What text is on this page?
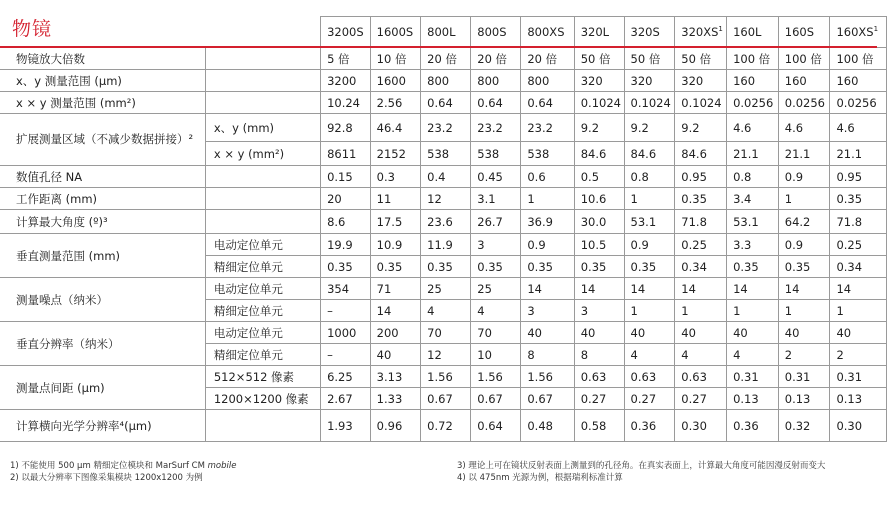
物镜
			3200S	1600S	800L	800S	800XS	320L	320S	$320XS^1$	160L	160S	$160XS^1$
物镜放大倍数		5 倍	10 倍	20 倍	20 倍	20 倍	50 倍	50 倍	50 倍	100 倍	100 倍	100 倍
x、y 测量范围 (μm)		3200	1600	800	800	800	320	320	320	160	160	160
x × y 测量范围 (mm²)		10.24	2.56	0.64	0.64	0.64	0.1024	0.1024	0.1024	0.0256	0.0256	0.0256
扩展测量区域（不减少数据拼接）²	x、y (mm)	92.8	46.4	23.2	23.2	23.2	9.2	9.2	9.2	4.6	4.6	4.6
	x × y (mm²)	8611	2152	538	538	538	84.6	84.6	84.6	21.1	21.1	21.1
数值孔径 NA		0.15	0.3	0.4	0.45	0.6	0.5	0.8	0.95	0.8	0.9	0.95
工作距离 (mm)		20	11	12	3.1	1	10.6	1	0.35	3.4	1	0.35
计算最大角度 (º)³		8.6	17.5	23.6	26.7	36.9	30.0	53.1	71.8	53.1	64.2	71.8
垂直测量范围 (mm)	电动定位单元	19.9	10.9	11.9	3	0.9	10.5	0.9	0.25	3.3	0.9	0.25
	精细定位单元	0.35	0.35	0.35	0.35	0.35	0.35	0.35	0.34	0.35	0.35	0.34
测量噪点（纳米）	电动定位单元	354	71	25	25	14	14	14	14	14	14	14
	精细定位单元	–	14	4	4	3	3	1	1	1	1	1
垂直分辨率（纳米）	电动定位单元	1000	200	70	70	40	40	40	40	40	40	40
	精细定位单元	–	40	12	10	8	8	4	4	4	2	2
测量点间距 (μm)	512×512 像素	6.25	3.13	1.56	1.56	1.56	0.63	0.63	0.63	0.31	0.31	0.31
	1200×1200 像素	2.67	1.33	0.67	0.67	0.67	0.27	0.27	0.27	0.13	0.13	0.13
计算横向光学分辨率⁴(μm)		1.93	0.96	0.72	0.64	0.48	0.58	0.36	0.30	0.36	0.32	0.30
1) 不能使用 500 μm 精细定位模块和 MarSurf CM mobile
2) 以最大分辨率下图像采集模块 1200x1200 为例
3) 理论上可在镜状反射表面上测量到的孔径角。在真实表面上，计算最大角度可能因漫反射而变大
4) 以 475nm 光源为例，根据瑞利标准计算
